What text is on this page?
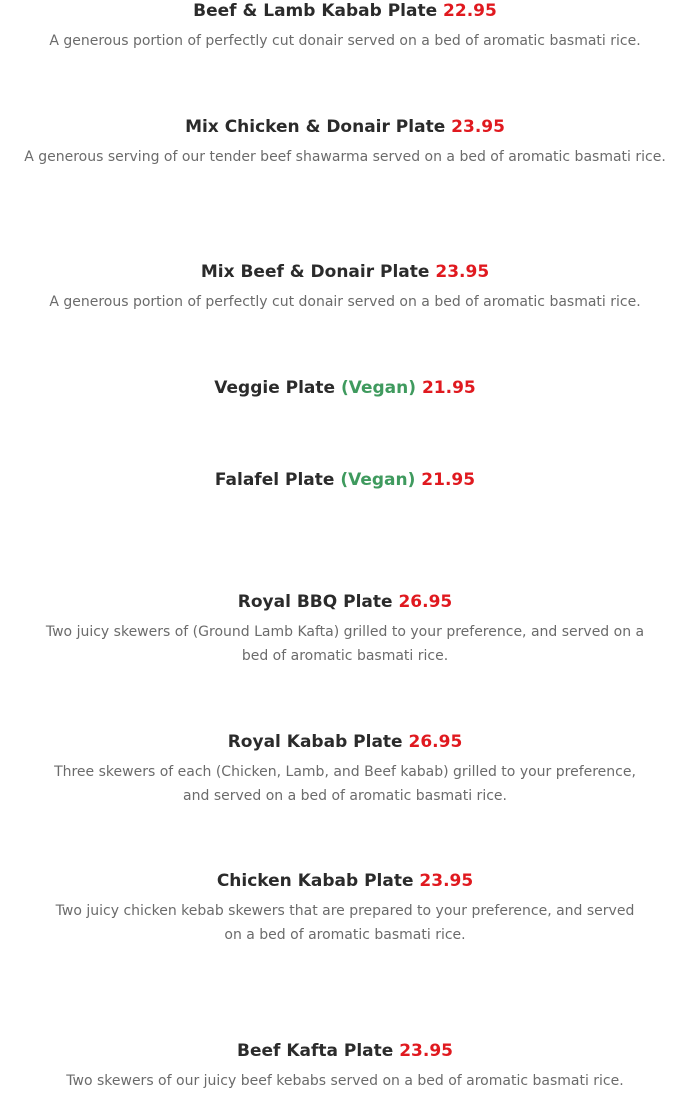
Beef & Lamb Kabab Plate 22.95
A generous portion of perfectly cut donair served on a bed of aromatic basmati rice.
Mix Chicken & Donair Plate 23.95
A generous serving of our tender beef shawarma served on a bed of aromatic basmati rice.
Mix Beef & Donair Plate 23.95
A generous portion of perfectly cut donair served on a bed of aromatic basmati rice.
Veggie Plate (Vegan) 21.95
Falafel Plate (Vegan) 21.95
Royal BBQ Plate 26.95
Two juicy skewers of (Ground Lamb Kafta) grilled to your preference, and served on a bed of aromatic basmati rice.
Royal Kabab Plate 26.95
Three skewers of each (Chicken, Lamb, and Beef kabab) grilled to your preference, and served on a bed of aromatic basmati rice.
Chicken Kabab Plate 23.95
Two juicy chicken kebab skewers that are prepared to your preference, and served on a bed of aromatic basmati rice.
Beef Kafta Plate 23.95
Two skewers of our juicy beef kebabs served on a bed of aromatic basmati rice.
